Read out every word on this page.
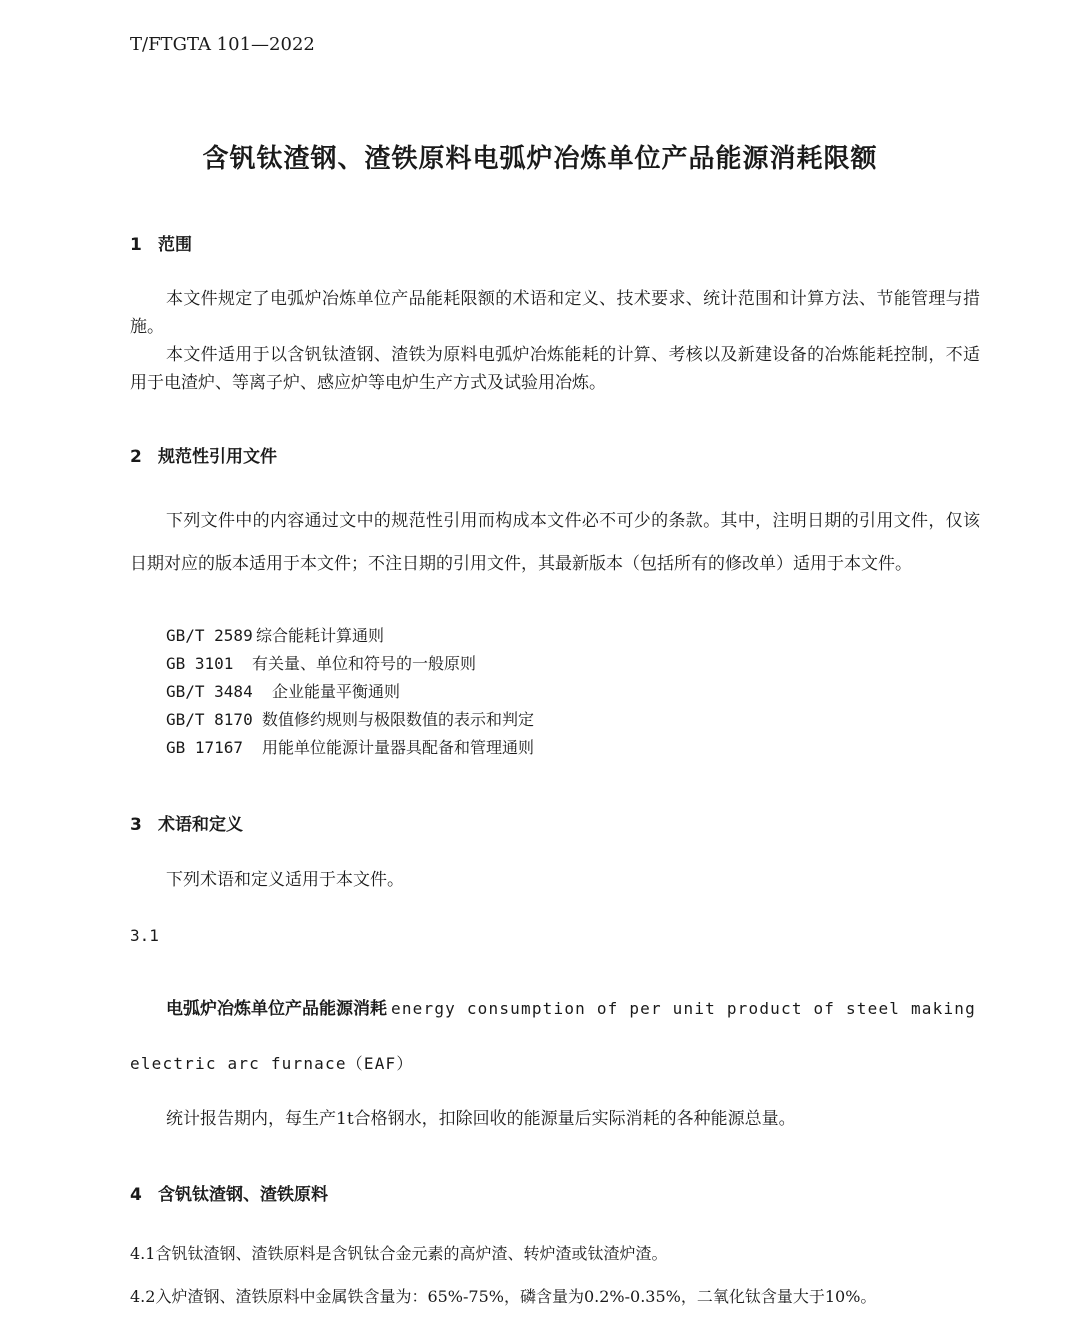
T/FTGTA 101—2022
含钒钛渣钢、渣铁原料电弧炉冶炼单位产品能源消耗限额
1 范围
本文件规定了电弧炉冶炼单位产品能耗限额的术语和定义、技术要求、统计范围和计算方法、节能管理与措施。
本文件适用于以含钒钛渣钢、渣铁为原料电弧炉冶炼能耗的计算、考核以及新建设备的冶炼能耗控制，不适用于电渣炉、等离子炉、感应炉等电炉生产方式及试验用冶炼。
2 规范性引用文件
下列文件中的内容通过文中的规范性引用而构成本文件必不可少的条款。其中，注明日期的引用文件，仅该日期对应的版本适用于本文件；不注日期的引用文件，其最新版本（包括所有的修改单）适用于本文件。
GB/T 2589 综合能耗计算通则
GB 3101 有关量、单位和符号的一般原则
GB/T 3484 企业能量平衡通则
GB/T 8170 数值修约规则与极限数值的表示和判定
GB 17167 用能单位能源计量器具配备和管理通则
3 术语和定义
下列术语和定义适用于本文件。
3.1
电弧炉冶炼单位产品能源消耗 energy consumption of per unit product of steel making
electric arc furnace（EAF）
统计报告期内，每生产1t合格钢水，扣除回收的能源量后实际消耗的各种能源总量。
4 含钒钛渣钢、渣铁原料
4.1含钒钛渣钢、渣铁原料是含钒钛合金元素的高炉渣、转炉渣或钛渣炉渣。
4.2入炉渣钢、渣铁原料中金属铁含量为：65%-75%，磷含量为0.2%-0.35%，二氧化钛含量大于10%。
